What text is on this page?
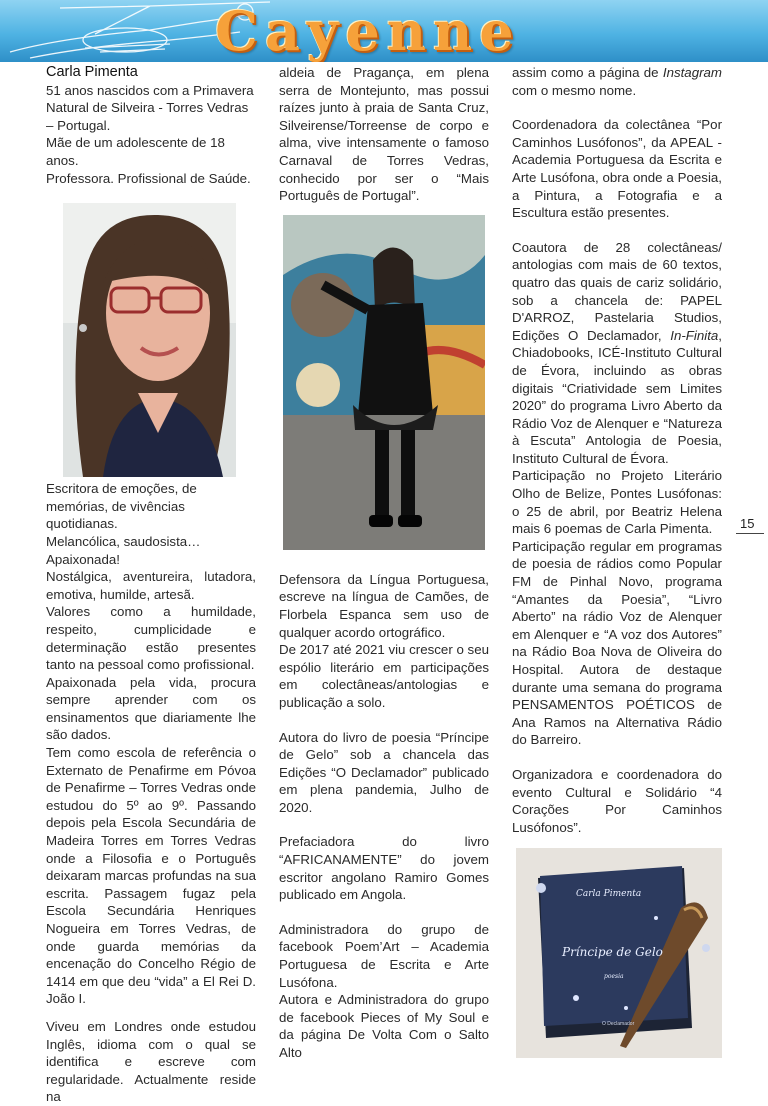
Cayenne

Carla Pimenta

51 anos nascidos com a Primavera Natural de Silveira - Torres Vedras – Portugal.

Mãe de um adolescente de 18 anos.

Professora. Profissional de Saúde.

Escritora de emoções, de memórias, de vivências quotidianas.

Melancólica, saudosista…

Apaixonada!

Nostálgica, aventureira, lutadora, emotiva, humilde, artesã.

Valores como a humildade, respeito, cumplicidade e determinação estão presentes tanto na pessoal como profissional.

Apaixonada pela vida, procura sempre aprender com os ensinamentos que diariamente lhe são dados.

Tem como escola de referência o Externato de Penafirme em Póvoa de Penafirme – Torres Vedras onde estudou do 5º ao 9º. Passando depois pela Escola Secundária de Madeira Torres em Torres Vedras onde a Filosofia e o Português deixaram marcas profundas na sua escrita. Passagem fugaz pela Escola Secundária Henriques Nogueira em Torres Vedras, de onde guarda memórias da encenação do Concelho Régio de 1414 em que deu “vida” a El Rei D. João I.

Viveu em Londres onde estudou Inglês, idioma com o qual se identifica e escreve com regularidade. Actualmente reside na

aldeia de Pragança, em plena serra de Montejunto, mas possui raízes junto à praia de Santa Cruz, Silveirense/Torreense de corpo e alma, vive intensamente o famoso Carnaval de Torres Vedras, conhecido por ser o “Mais Português de Portugal”.

Defensora da Língua Portuguesa, escreve na língua de Camões, de Florbela Espanca sem uso de qualquer acordo ortográfico.

De 2017 até 2021 viu crescer o seu espólio literário em participações em colectâneas/antologias e publicação a solo.

Autora do livro de poesia “Príncipe de Gelo” sob a chancela das Edições “O Declamador” publicado em plena pandemia, Julho de 2020.

Prefaciadora do livro “AFRICANAMENTE” do jovem escritor angolano Ramiro Gomes publicado em Angola.

Administradora do grupo de facebook Poem’Art – Academia Portuguesa de Escrita e Arte Lusófona.

Autora e Administradora do grupo de facebook Pieces of My Soul e da página De Volta Com o Salto Alto

assim como a página de Instagram com o mesmo nome.

Coordenadora da colectânea “Por Caminhos Lusófonos”, da APEAL - Academia Portuguesa da Escrita e Arte Lusófona, obra onde a Poesia, a Pintura, a Fotografia e a Escultura estão presentes.

Coautora de 28 colectâneas/ antologias com mais de 60 textos, quatro das quais de cariz solidário, sob a chancela de: PAPEL D'ARROZ, Pastelaria Studios, Edições O Declamador, In-Finita, Chiadobooks, ICÉ-Instituto Cultural de Évora, incluindo as obras digitais “Criatividade sem Limites 2020” do programa Livro Aberto da Rádio Voz de Alenquer e “Natureza à Escuta” Antologia de Poesia, Instituto Cultural de Évora.

Participação no Projeto Literário Olho de Belize, Pontes Lusófonas: o 25 de abril, por Beatriz Helena mais 6 poemas de Carla Pimenta.

Participação regular em programas de poesia de rádios como Popular FM de Pinhal Novo, programa “Amantes da Poesia”, “Livro Aberto” na rádio Voz de Alenquer em Alenquer e “A voz dos Autores” na Rádio Boa Nova de Oliveira do Hospital. Autora de destaque durante uma semana do programa PENSAMENTOS POÉTICOS de Ana Ramos na Alternativa Rádio do Barreiro.

Organizadora e coordenadora do evento Cultural e Solidário “4 Corações Por Caminhos Lusófonos”.

Carla Pimenta
Príncipe de Gelo
poesia
O Declamador
15
